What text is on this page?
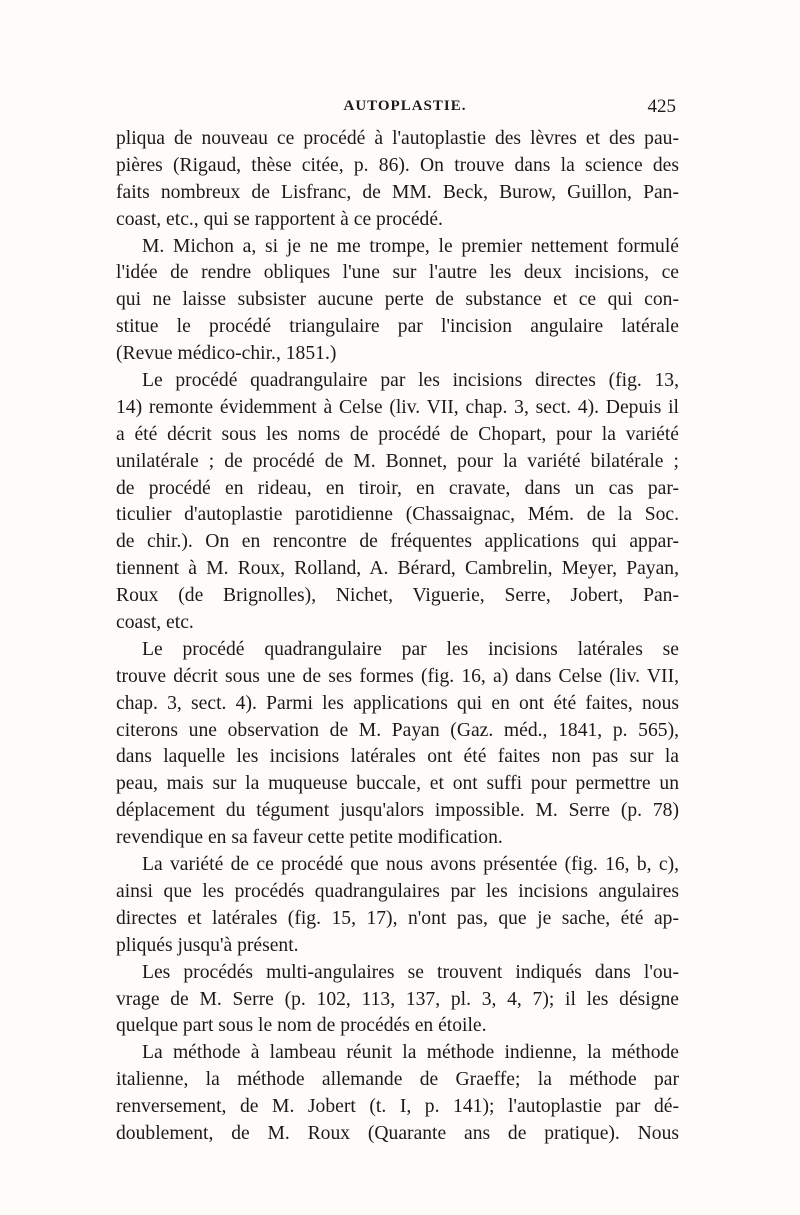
AUTOPLASTIE.	425
pliqua de nouveau ce procédé à l'autoplastie des lèvres et des pau-
pières (Rigaud, thèse citée, p. 86). On trouve dans la science des
faits nombreux de Lisfranc, de MM. Beck, Burow, Guillon, Pan-
coast, etc., qui se rapportent à ce procédé.
M. Michon a, si je ne me trompe, le premier nettement formulé
l'idée de rendre obliques l'une sur l'autre les deux incisions, ce
qui ne laisse subsister aucune perte de substance et ce qui con-
stitue le procédé triangulaire par l'incision angulaire latérale
(Revue médico-chir., 1851.)
Le procédé quadrangulaire par les incisions directes (fig. 13,
14) remonte évidemment à Celse (liv. VII, chap. 3, sect. 4). Depuis il
a été décrit sous les noms de procédé de Chopart, pour la variété
unilatérale ; de procédé de M. Bonnet, pour la variété bilatérale ;
de procédé en rideau, en tiroir, en cravate, dans un cas par-
ticulier d'autoplastie parotidienne (Chassaignac, Mém. de la Soc.
de chir.). On en rencontre de fréquentes applications qui appar-
tiennent à M. Roux, Rolland, A. Bérard, Cambrelin, Meyer, Payan,
Roux (de Brignolles), Nichet, Viguerie, Serre, Jobert, Pan-
coast, etc.
Le procédé quadrangulaire par les incisions latérales se
trouve décrit sous une de ses formes (fig. 16, a) dans Celse (liv. VII,
chap. 3, sect. 4). Parmi les applications qui en ont été faites, nous
citerons une observation de M. Payan (Gaz. méd., 1841, p. 565),
dans laquelle les incisions latérales ont été faites non pas sur la
peau, mais sur la muqueuse buccale, et ont suffi pour permettre un
déplacement du tégument jusqu'alors impossible. M. Serre (p. 78)
revendique en sa faveur cette petite modification.
La variété de ce procédé que nous avons présentée (fig. 16, b, c),
ainsi que les procédés quadrangulaires par les incisions angulaires
directes et latérales (fig. 15, 17), n'ont pas, que je sache, été ap-
pliqués jusqu'à présent.
Les procédés multi-angulaires se trouvent indiqués dans l'ou-
vrage de M. Serre (p. 102, 113, 137, pl. 3, 4, 7); il les désigne
quelque part sous le nom de procédés en étoile.
La méthode à lambeau réunit la méthode indienne, la méthode
italienne, la méthode allemande de Graeffe; la méthode par
renversement, de M. Jobert (t. I, p. 141); l'autoplastie par dé-
doublement, de M. Roux (Quarante ans de pratique). Nous
